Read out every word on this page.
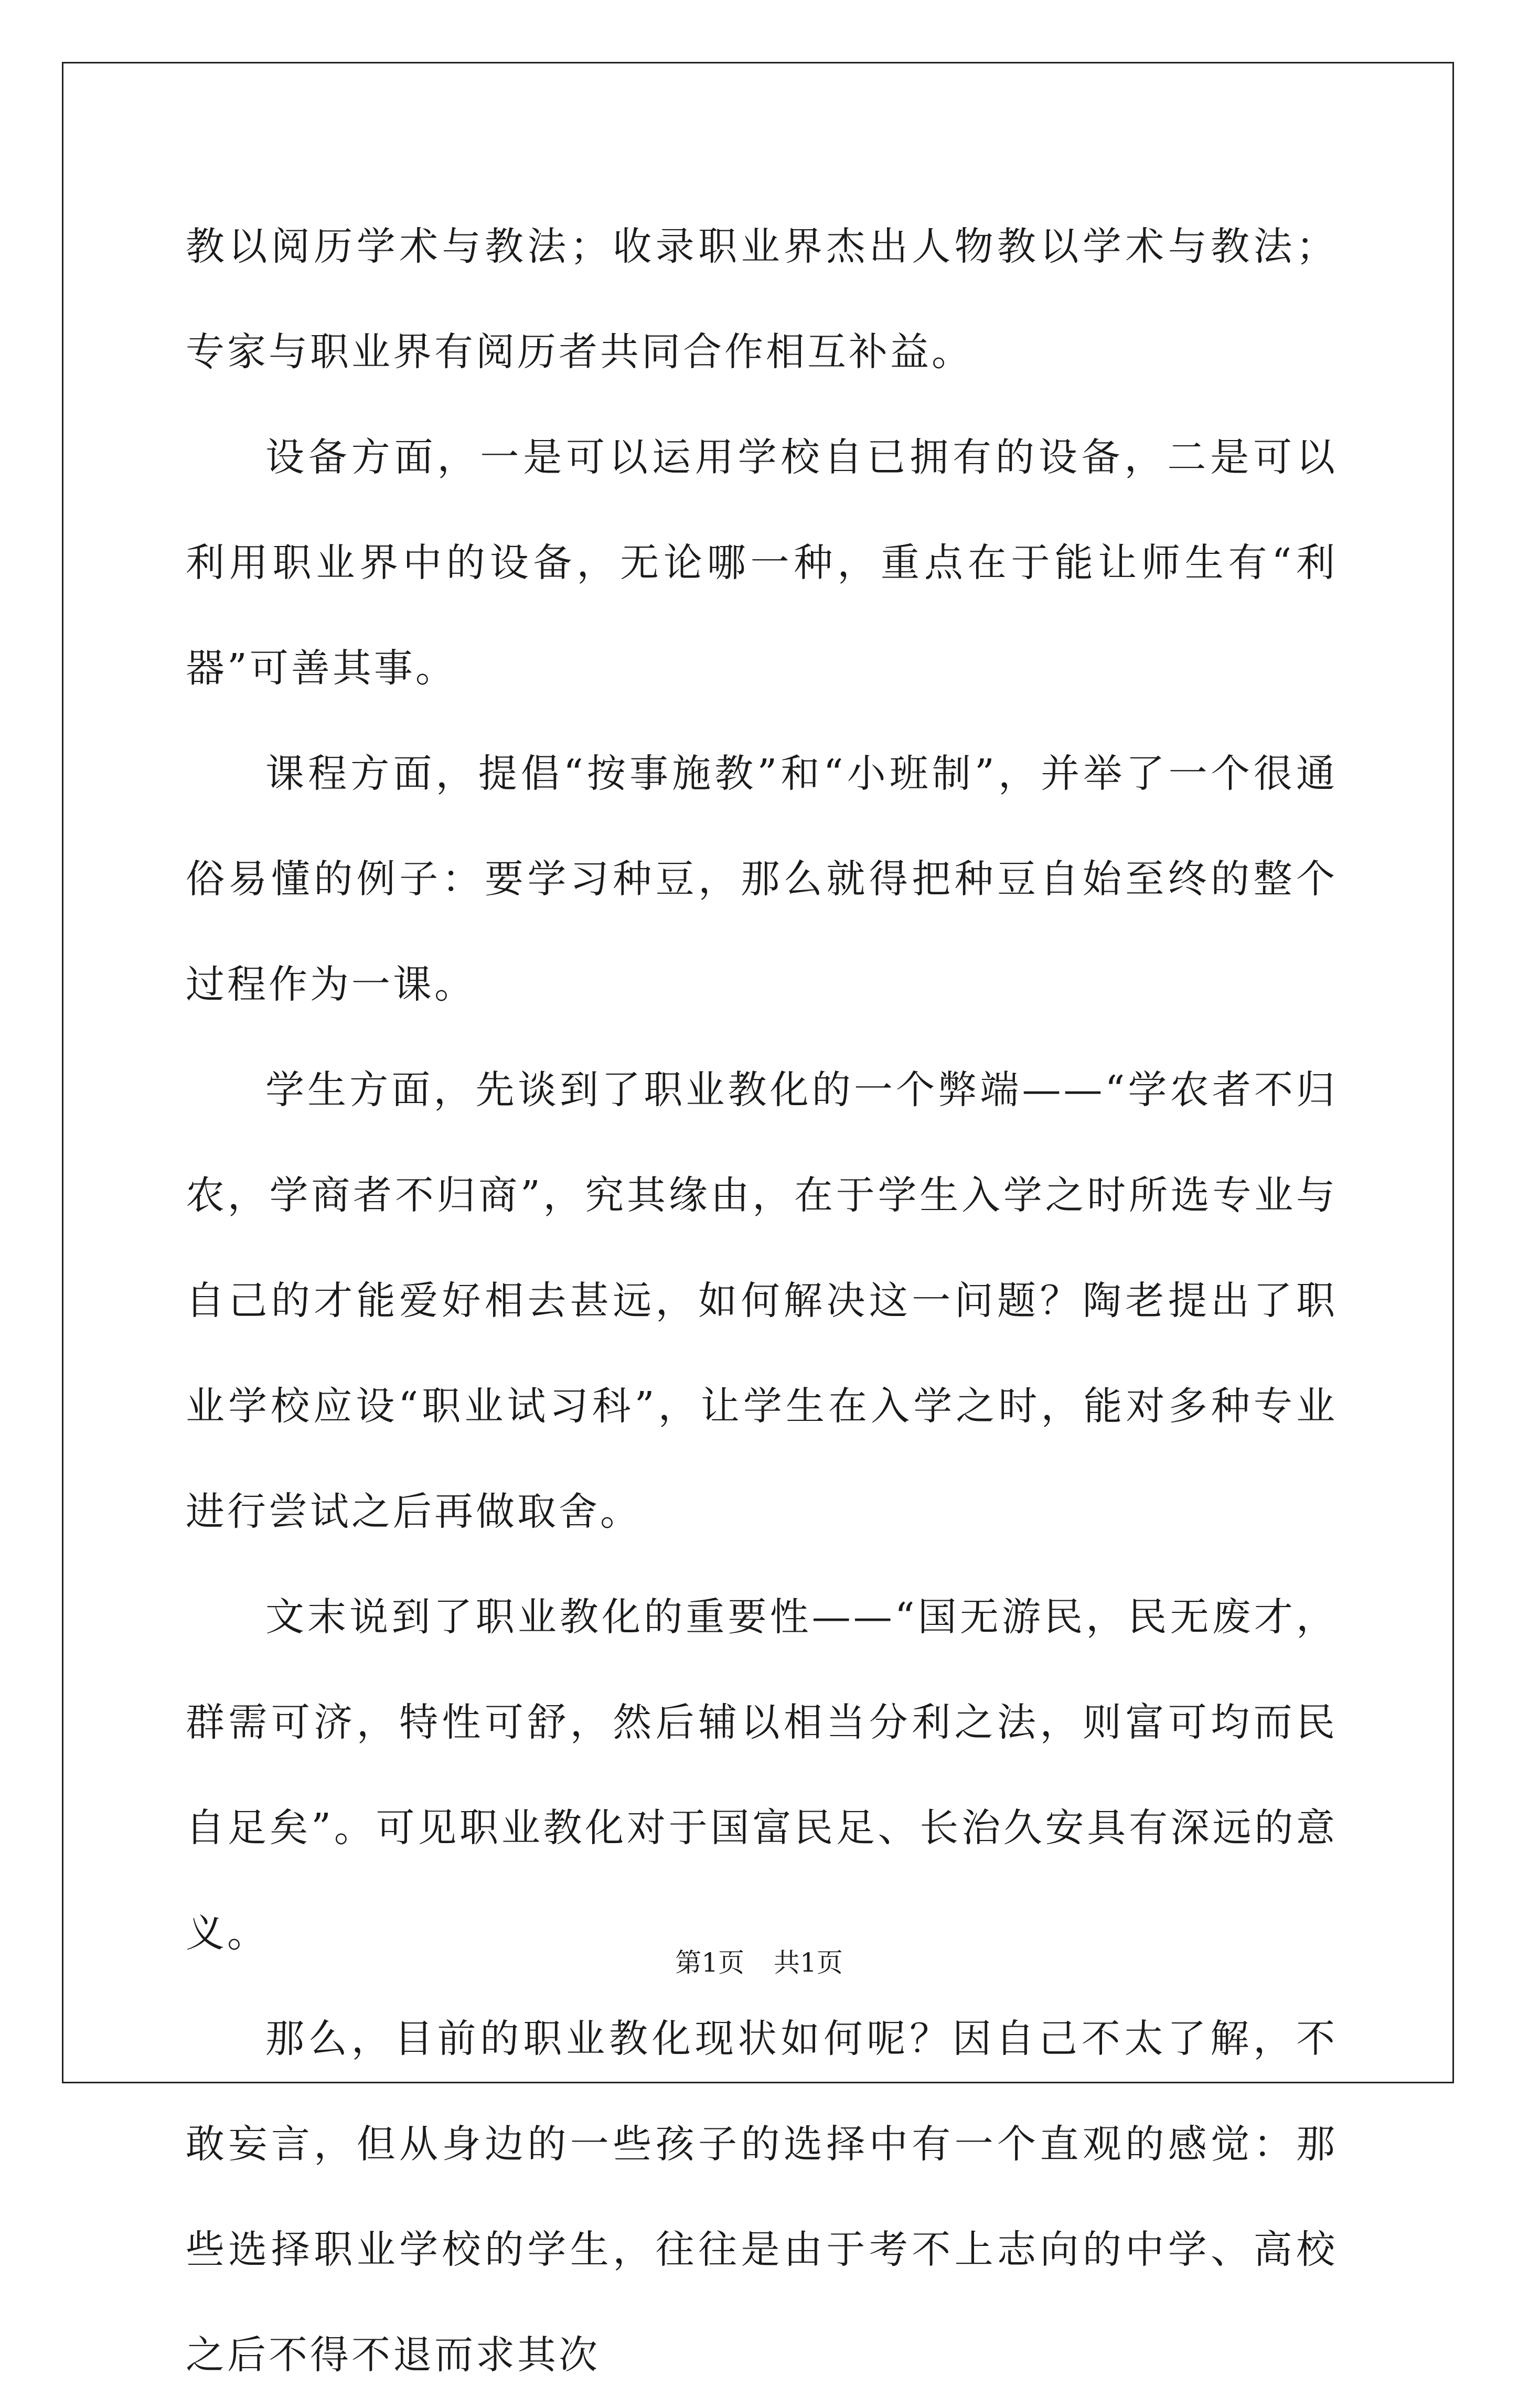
教以阅历学术与教法；收录职业界杰出人物教以学术与教法；专家与职业界有阅历者共同合作相互补益。

设备方面，一是可以运用学校自已拥有的设备，二是可以利用职业界中的设备，无论哪一种，重点在于能让师生有“利器”可善其事。

课程方面，提倡“按事施教”和“小班制”，并举了一个很通俗易懂的例子：要学习种豆，那么就得把种豆自始至终的整个过程作为一课。

学生方面，先谈到了职业教化的一个弊端——“学农者不归农，学商者不归商”，究其缘由，在于学生入学之时所选专业与自己的才能爱好相去甚远，如何解决这一问题？陶老提出了职业学校应设“职业试习科”，让学生在入学之时，能对多种专业进行尝试之后再做取舍。

文末说到了职业教化的重要性——“国无游民，民无废才，群需可济，特性可舒，然后辅以相当分利之法，则富可均而民自足矣”。可见职业教化对于国富民足、长治久安具有深远的意义。

那么，目前的职业教化现状如何呢？因自己不太了解，不敢妄言，但从身边的一些孩子的选择中有一个直观的感觉：那些选择职业学校的学生，往往是由于考不上志向的中学、高校之后不得不退而求其次

第1页 共1页
